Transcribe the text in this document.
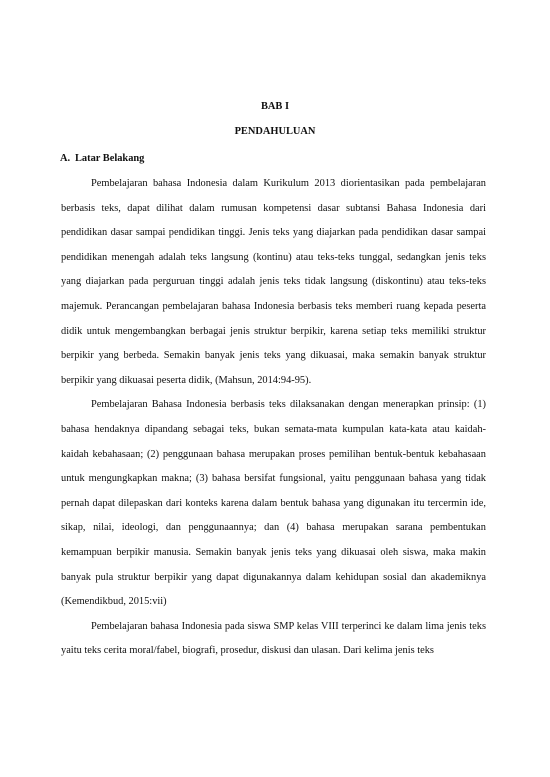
BAB I
PENDAHULUAN
A. Latar Belakang

Pembelajaran bahasa Indonesia dalam Kurikulum 2013 diorientasikan pada pembelajaran berbasis teks, dapat dilihat dalam rumusan kompetensi dasar subtansi Bahasa Indonesia dari pendidikan dasar sampai pendidikan tinggi. Jenis teks yang diajarkan pada pendidikan dasar sampai pendidikan menengah adalah teks langsung (kontinu) atau teks-teks tunggal, sedangkan jenis teks yang diajarkan pada perguruan tinggi adalah jenis teks tidak langsung (diskontinu) atau teks-teks majemuk. Perancangan pembelajaran bahasa Indonesia berbasis teks memberi ruang kepada peserta didik untuk mengembangkan berbagai jenis struktur berpikir, karena setiap teks memiliki struktur berpikir yang berbeda. Semakin banyak jenis teks yang dikuasai, maka semakin banyak struktur berpikir yang dikuasai peserta didik, (Mahsun, 2014:94-95).

Pembelajaran Bahasa Indonesia berbasis teks dilaksanakan dengan menerapkan prinsip: (1) bahasa hendaknya dipandang sebagai teks, bukan semata-mata kumpulan kata-kata atau kaidah-kaidah kebahasaan; (2) penggunaan bahasa merupakan proses pemilihan bentuk-bentuk kebahasaan untuk mengungkapkan makna; (3) bahasa bersifat fungsional, yaitu penggunaan bahasa yang tidak pernah dapat dilepaskan dari konteks karena dalam bentuk bahasa yang digunakan itu tercermin ide, sikap, nilai, ideologi, dan penggunaannya; dan (4) bahasa merupakan sarana pembentukan kemampuan berpikir manusia. Semakin banyak jenis teks yang dikuasai oleh siswa, maka makin banyak pula struktur berpikir yang dapat digunakannya dalam kehidupan sosial dan akademiknya (Kemendikbud, 2015:vii)

Pembelajaran bahasa Indonesia pada siswa SMP kelas VIII terperinci ke dalam lima jenis teks yaitu teks cerita moral/fabel, biografi, prosedur, diskusi dan ulasan. Dari kelima jenis teks
